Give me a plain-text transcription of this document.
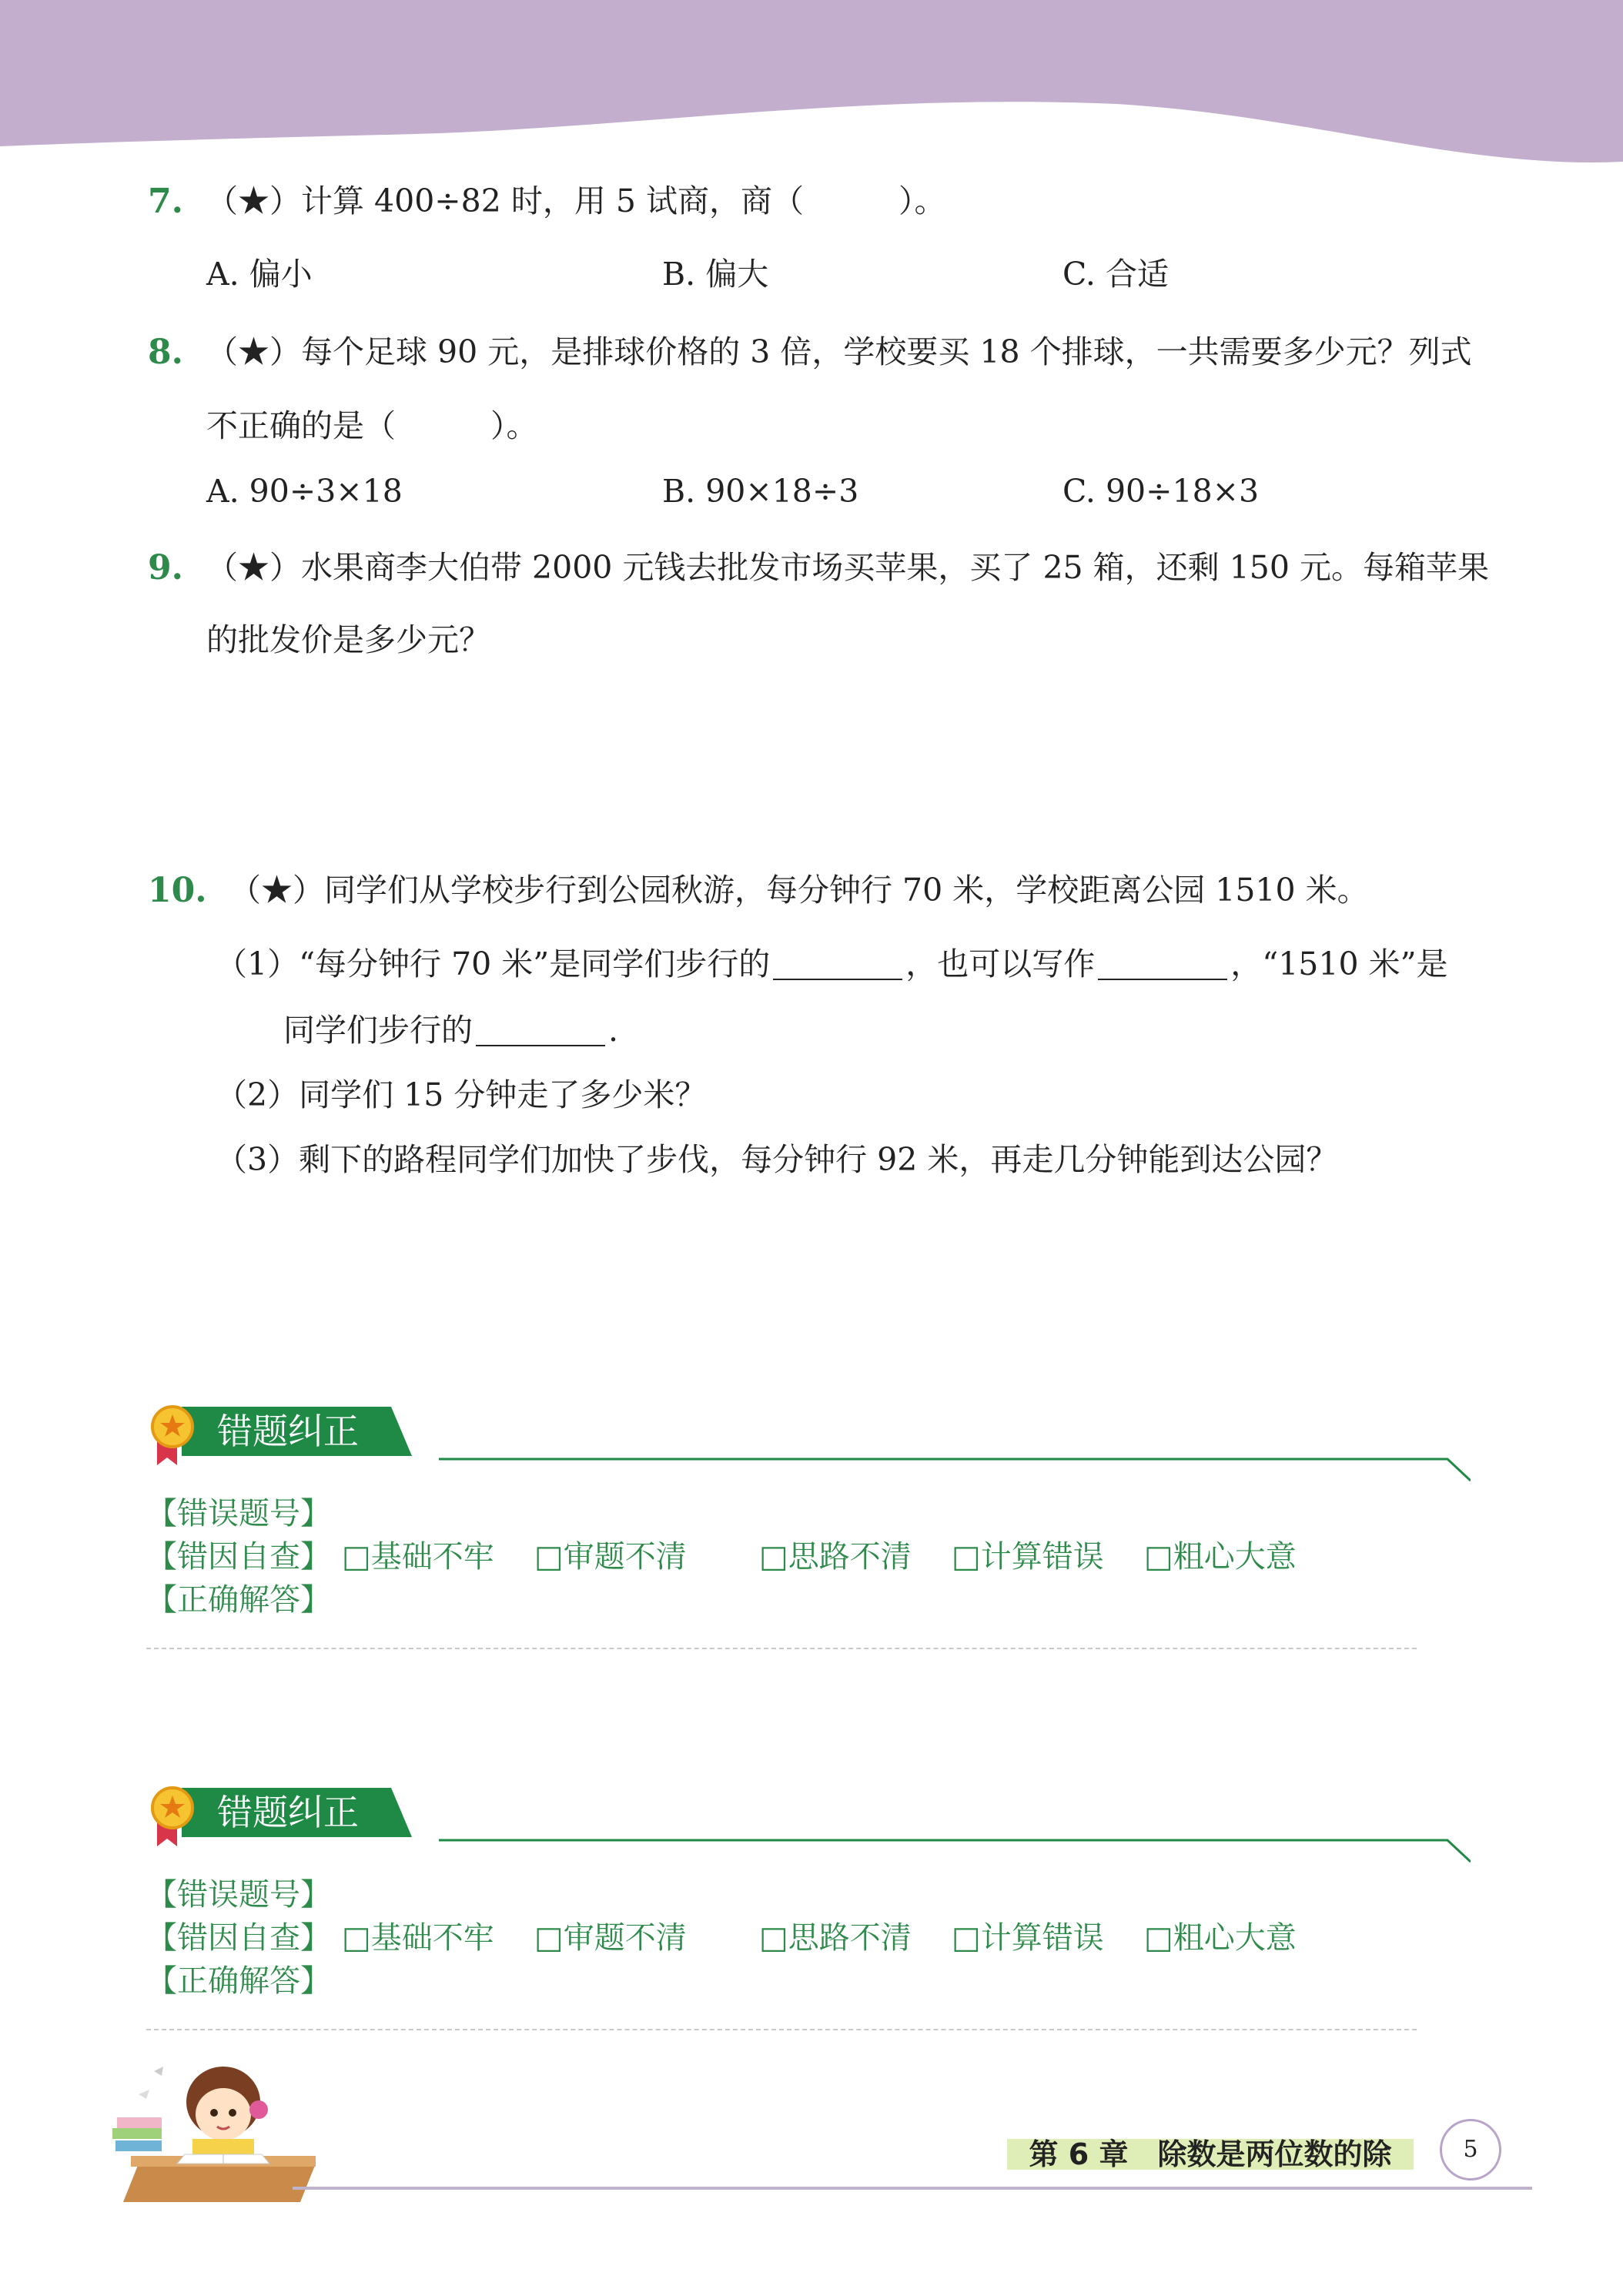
7. （★）计算 400÷82 时，用 5 试商，商（　　　）。
A. 偏小	B. 偏大	C. 合适
8. （★）每个足球 90 元，是排球价格的 3 倍，学校要买 18 个排球，一共需要多少元？列式
不正确的是（　　　）。
A. 90÷3×18	B. 90×18÷3	C. 90÷18×3
9. （★）水果商李大伯带 2000 元钱去批发市场买苹果，买了 25 箱，还剩 150 元。每箱苹果
的批发价是多少元？
10. （★）同学们从学校步行到公园秋游，每分钟行 70 米，学校距离公园 1510 米。
（1）“每分钟行 70 米”是同学们步行的	，也可以写作	，“1510 米”是
同学们步行的	.
（2）同学们 15 分钟走了多少米？
（3）剩下的路程同学们加快了步伐，每分钟行 92 米，再走几分钟能到达公园？
错题纠正
【错误题号】
【错因自查】 □基础不牢 □审题不清 □思路不清 □计算错误 □粗心大意
【正确解答】
错题纠正
【错误题号】
【错因自查】 □基础不牢 □审题不清 □思路不清 □计算错误 □粗心大意
【正确解答】
第 6 章　除数是两位数的除	5
